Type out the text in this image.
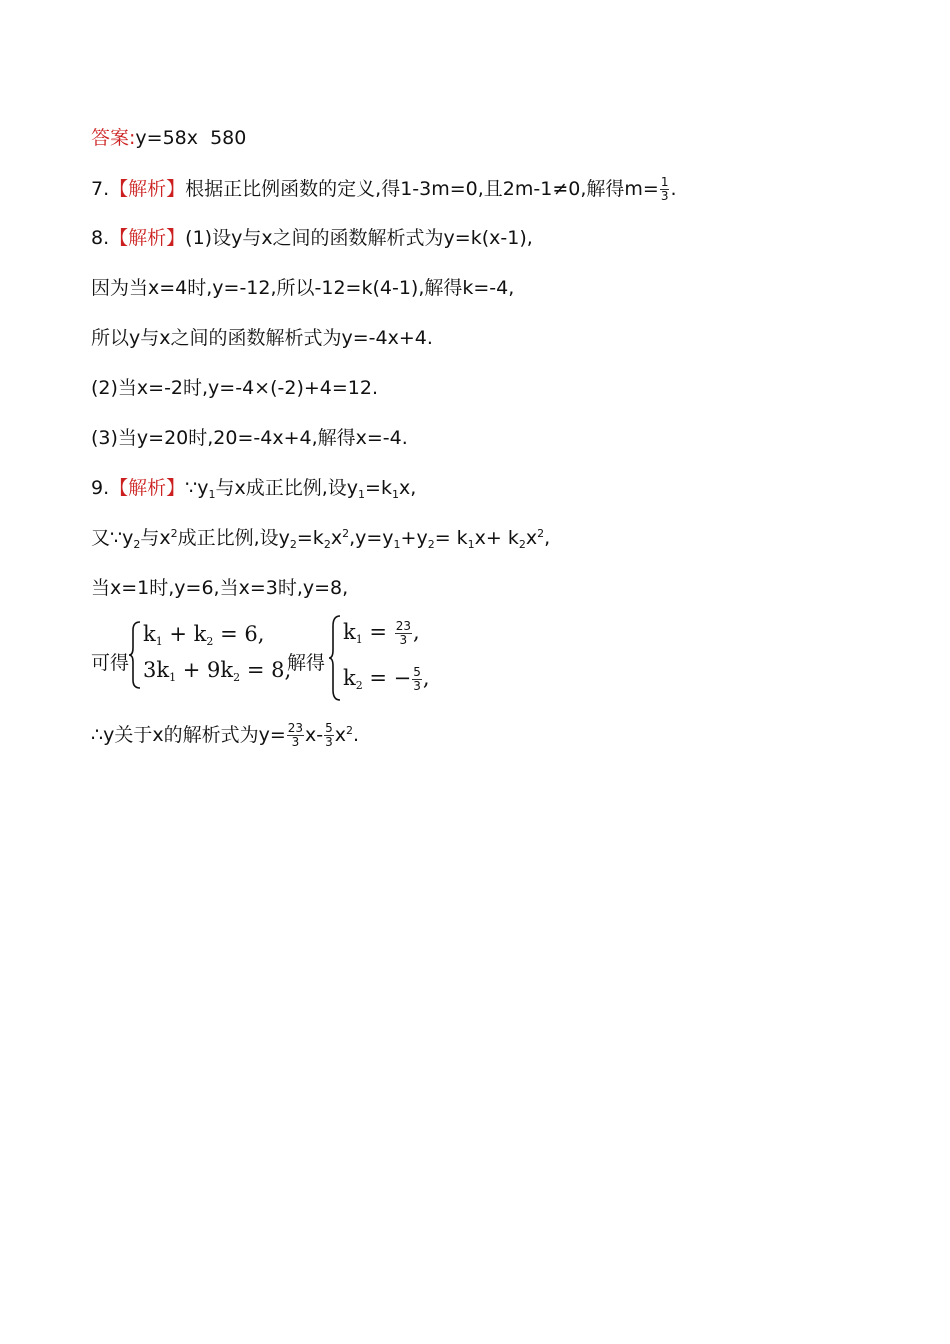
答案:y=58x  580
7.【解析】根据正比例函数的定义,得1-3m=0,且2m-1≠0,解得$m= \frac{1}{3}$ .
8.【解析】(1)设y与x之间的函数解析式为y=k(x-1),
因为当x=4时,y=-12,所以-12=k(4-1),解得k=-4,
所以y与x之间的函数解析式为y=-4x+4.
(2)当x=-2时,y=-4×(-2)+4=12.
(3)当y=20时,20=-4x+4,解得x=-4.
9.【解析】$\because y_1$与x成正比例,设$y_1=k_1x$,
又$\because y_2$与$x^2$成正比例,设$y_2=k_2x^2,y=y_1+y_2= k_1x+ k_2x^2$,
当x=1时,y=6,当x=3时,y=8,
可得
$k_1 + k_2 = 6$,
$3k_1 + 9k_2 = 8$,
解得
$k_1 = \frac{23}{3}$ ,
$k_2$ = − $\frac{5}{3}$ ,
∴y关于x的解析式为$y= \frac{23}{3} x- \frac{5}{3} x^2$.
